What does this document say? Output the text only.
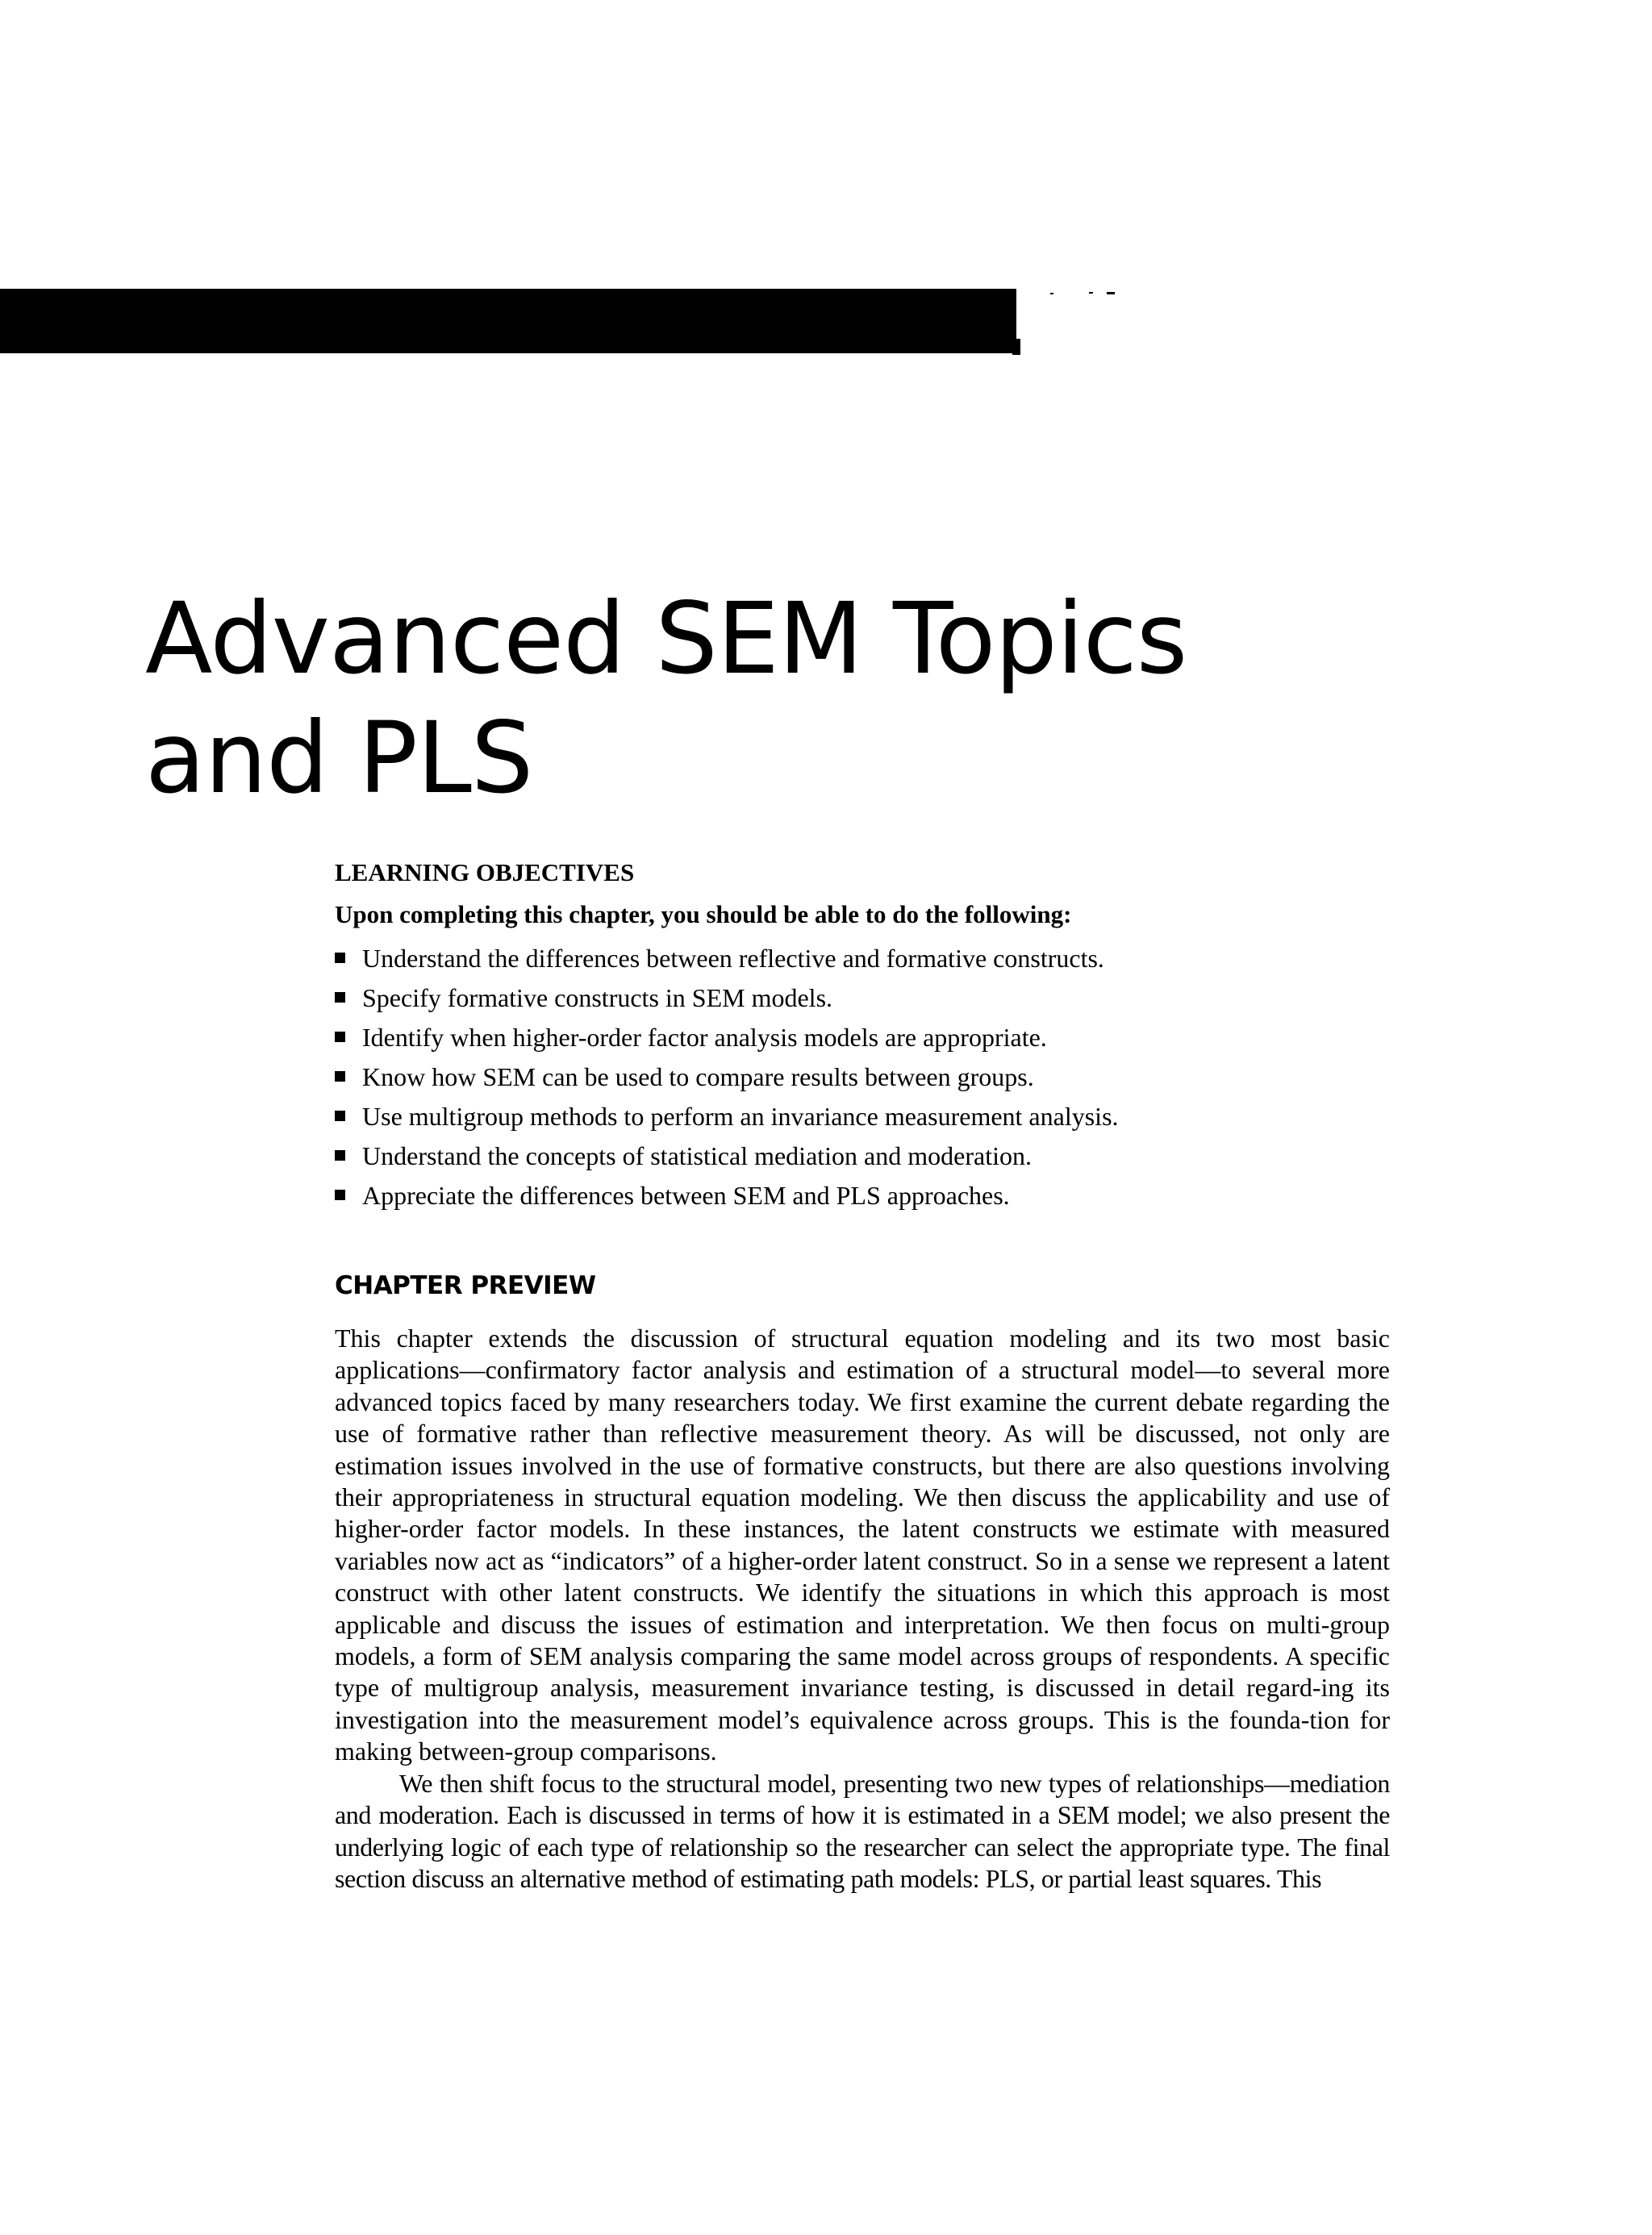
Advanced SEM Topics
and PLS
LEARNING OBJECTIVES

Upon completing this chapter, you should be able to do the following:

Understand the differences between reflective and formative constructs.
Specify formative constructs in SEM models.
Identify when higher-order factor analysis models are appropriate.
Know how SEM can be used to compare results between groups.
Use multigroup methods to perform an invariance measurement analysis.
Understand the concepts of statistical mediation and moderation.
Appreciate the differences between SEM and PLS approaches.
CHAPTER PREVIEW

This chapter extends the discussion of structural equation modeling and its two most basic applications—confirmatory factor analysis and estimation of a structural model—to several more advanced topics faced by many researchers today. We first examine the current debate regarding the use of formative rather than reflective measurement theory. As will be discussed, not only are estimation issues involved in the use of formative constructs, but there are also questions involving their appropriateness in structural equation modeling. We then discuss the applicability and use of higher-order factor models. In these instances, the latent constructs we estimate with measured variables now act as “indicators” of a higher-order latent construct. So in a sense we represent a latent construct with other latent constructs. We identify the situations in which this approach is most applicable and discuss the issues of estimation and interpretation. We then focus on multi-group models, a form of SEM analysis comparing the same model across groups of respondents. A specific type of multigroup analysis, measurement invariance testing, is discussed in detail regard-ing its investigation into the measurement model’s equivalence across groups. This is the founda-tion for making between-group comparisons.

We then shift focus to the structural model, presenting two new types of relationships—mediation and moderation. Each is discussed in terms of how it is estimated in a SEM model; we also present the underlying logic of each type of relationship so the researcher can select the appropriate type. The final section discuss an alternative method of estimating path models: PLS, or partial least squares. This
